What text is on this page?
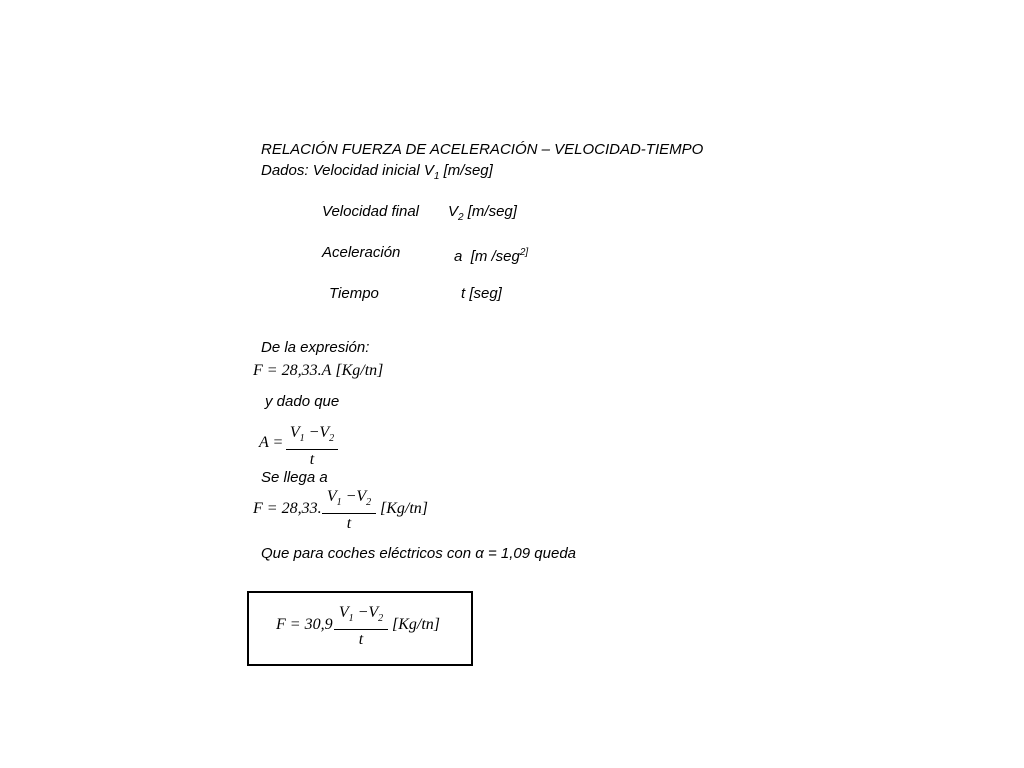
RELACIÓN FUERZA DE ACELERACIÓN – VELOCIDAD-TIEMPO
Dados: Velocidad inicial $V_1$ [m/seg]
Velocidad final $V_2$ [m/seg]
Aceleración	a [m /seg$^{2]}$
Tiempo	t [seg]
De la expresión:
F = 28,33.A [Kg/tn]
y dado que
$A = \frac{V_1 -V_2}{t}$
Se llega a
F = 28,33. $\frac{V_1 -V_2}{t} [Kg/tn]$
Que para coches eléctricos con α = 1,09 queda
$F = 30,9 \frac{V_1 -V_2}{t} [Kg/tn]$
